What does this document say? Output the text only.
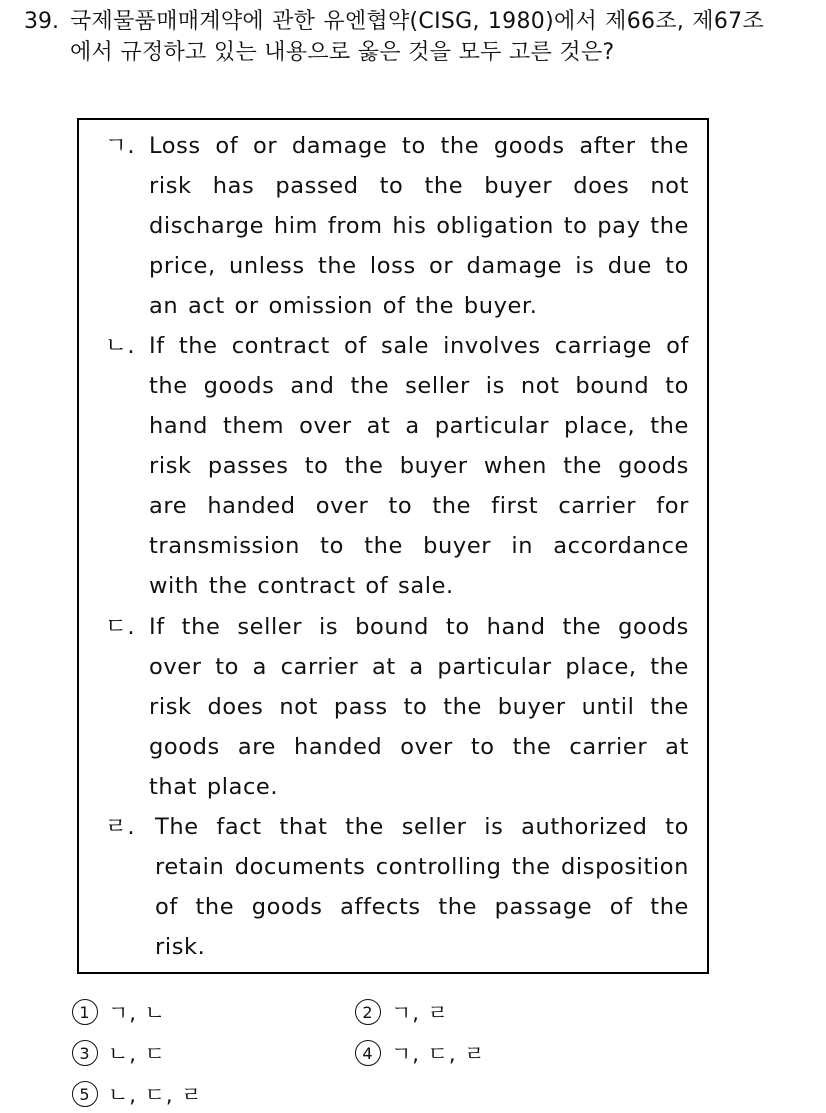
39. 국제물품매매계약에 관한 유엔협약(CISG, 1980)에서 제66조, 제67조에서 규정하고 있는 내용으로 옳은 것을 모두 고른 것은?
ㄱ. Loss of or damage to the goods after the risk has passed to the buyer does not discharge him from his obligation to pay the price, unless the loss or damage is due to an act or omission of the buyer.
ㄴ. If the contract of sale involves carriage of the goods and the seller is not bound to hand them over at a particular place, the risk passes to the buyer when the goods are handed over to the first carrier for transmission to the buyer in accordance with the contract of sale.
ㄷ. If the seller is bound to hand the goods over to a carrier at a particular place, the risk does not pass to the buyer until the goods are handed over to the carrier at that place.
ㄹ. The fact that the seller is authorized to retain documents controlling the disposition of the goods affects the passage of the risk.
1 ㄱ, ㄴ	2 ㄱ, ㄹ
3 ㄴ, ㄷ	4 ㄱ, ㄷ, ㄹ
5 ㄴ, ㄷ, ㄹ
